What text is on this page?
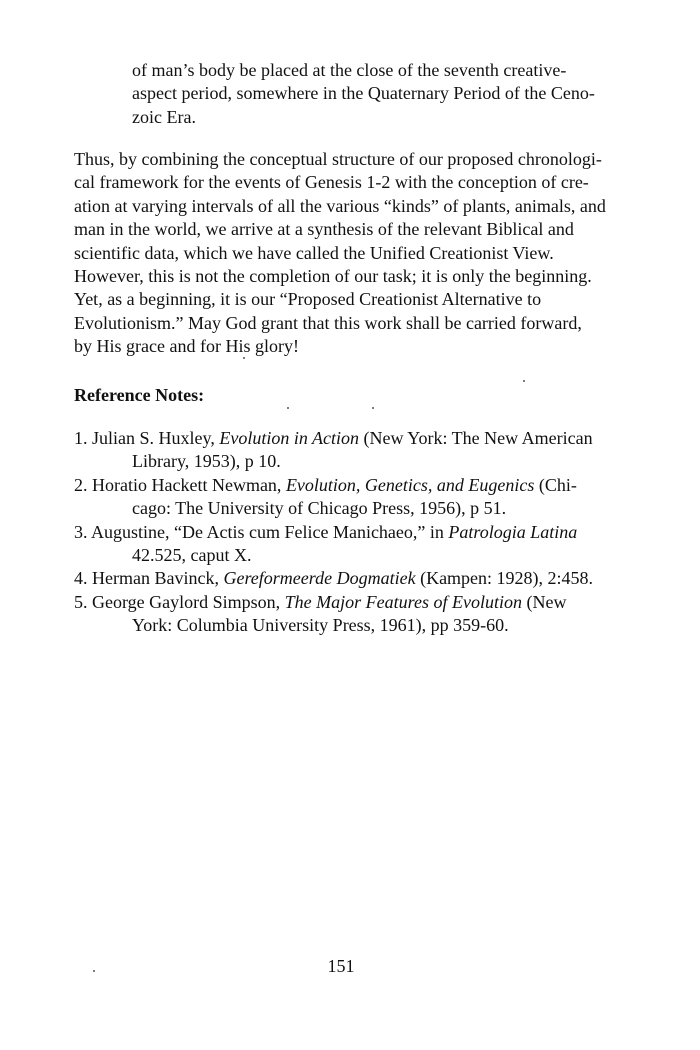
of man’s body be placed at the close of the seventh creative-
aspect period, somewhere in the Quaternary Period of the Ceno-
zoic Era.

Thus, by combining the conceptual structure of our proposed chronologi-
cal framework for the events of Genesis 1-2 with the conception of cre-
ation at varying intervals of all the various “kinds” of plants, animals, and
man in the world, we arrive at a synthesis of the relevant Biblical and
scientific data, which we have called the Unified Creationist View.
However, this is not the completion of our task; it is only the beginning.
Yet, as a beginning, it is our “Proposed Creationist Alternative to
Evolutionism.” May God grant that this work shall be carried forward,
by His grace and for His glory!

Reference Notes:
1. Julian S. Huxley, Evolution in Action (New York: The New American
Library, 1953), p 10.
2. Horatio Hackett Newman, Evolution, Genetics, and Eugenics (Chi-
cago: The University of Chicago Press, 1956), p 51.
3. Augustine, “De Actis cum Felice Manichaeo,” in Patrologia Latina
42.525, caput X.
4. Herman Bavinck, Gereformeerde Dogmatiek (Kampen: 1928), 2:458.
5. George Gaylord Simpson, The Major Features of Evolution (New
York: Columbia University Press, 1961), pp 359-60.
151
